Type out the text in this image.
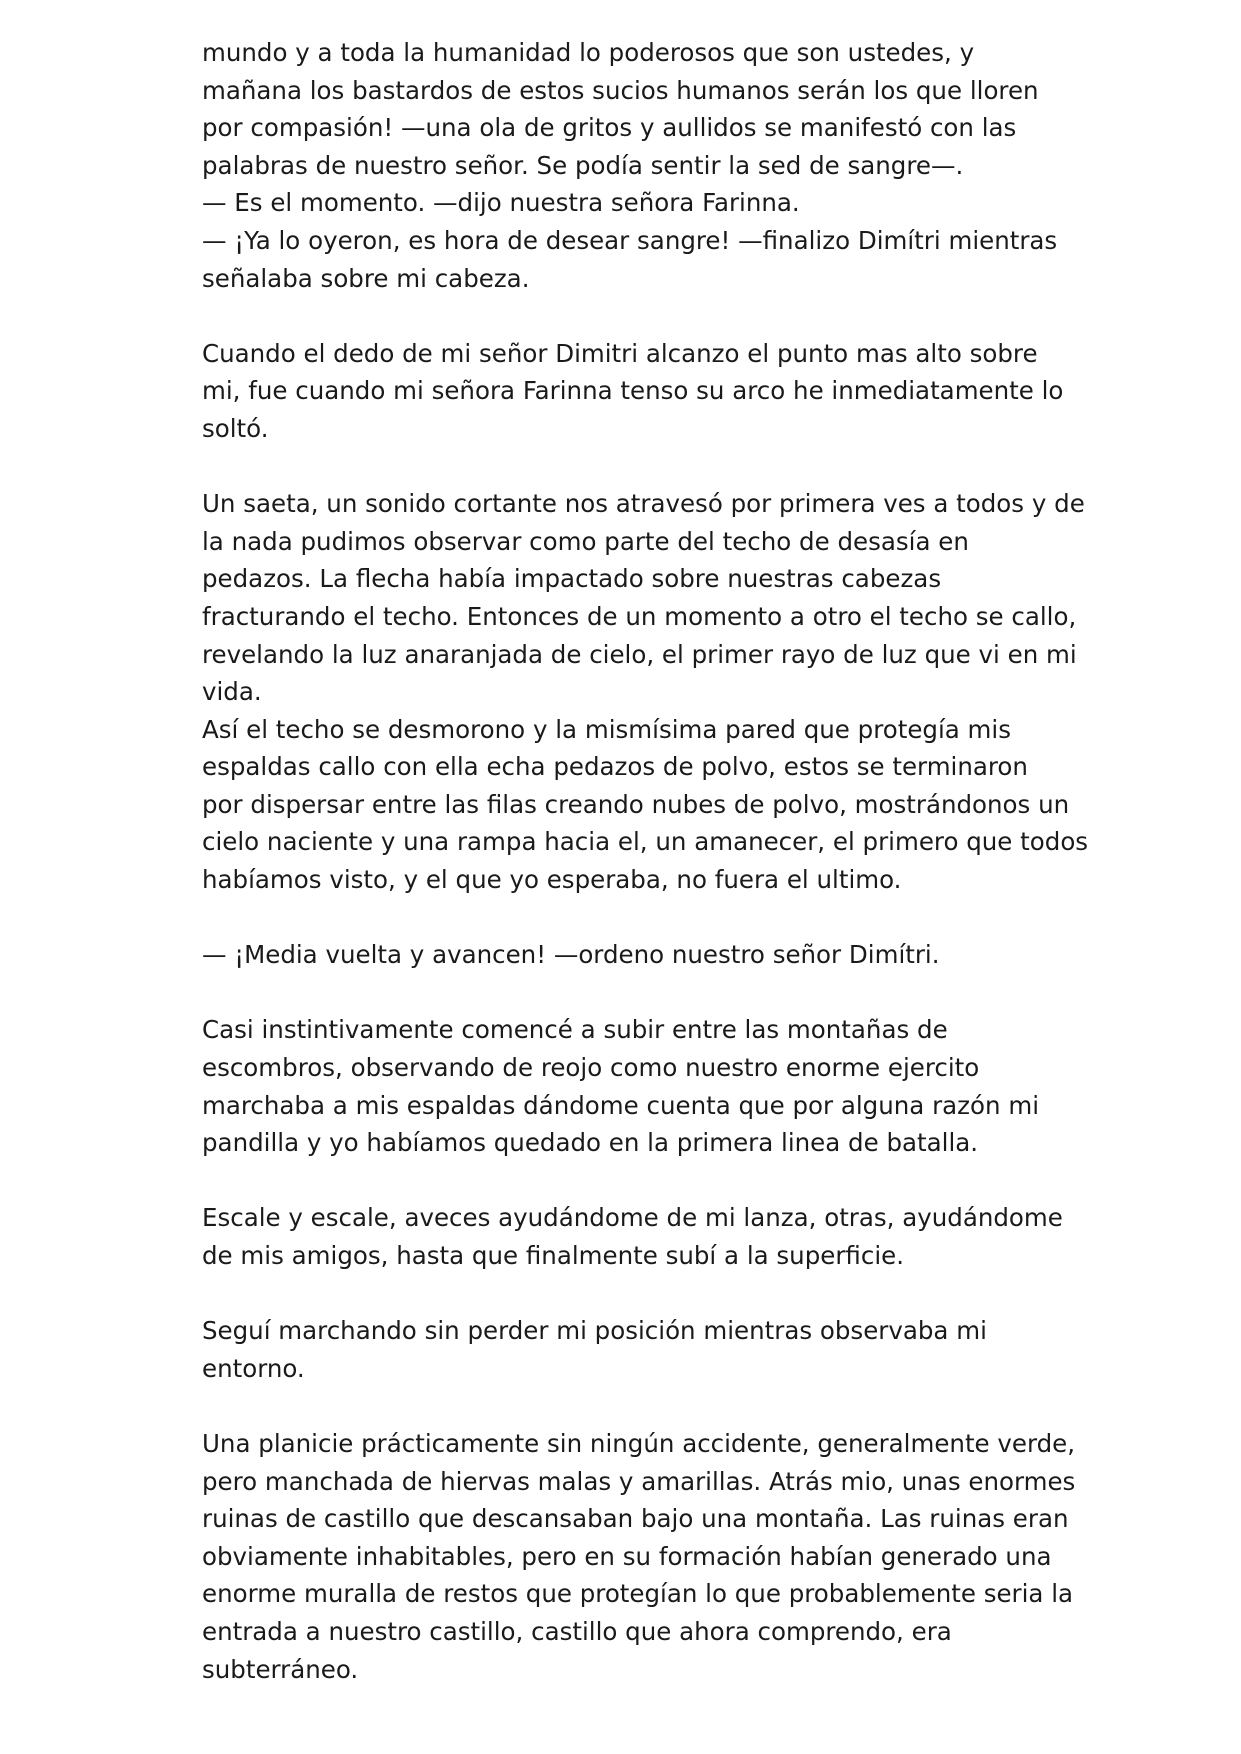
mundo y a toda la humanidad lo poderosos que son ustedes, y
mañana los bastardos de estos sucios humanos serán los que lloren
por compasión! —una ola de gritos y aullidos se manifestó con las
palabras de nuestro señor. Se podía sentir la sed de sangre—.
— Es el momento. —dijo nuestra señora Farinna.
— ¡Ya lo oyeron, es hora de desear sangre! —finalizo Dimítri mientras
señalaba sobre mi cabeza.

Cuando el dedo de mi señor Dimitri alcanzo el punto mas alto sobre
mi, fue cuando mi señora Farinna tenso su arco he inmediatamente lo
soltó.

Un saeta, un sonido cortante nos atravesó por primera ves a todos y de
la nada pudimos observar como parte del techo de desasía en
pedazos. La flecha había impactado sobre nuestras cabezas
fracturando el techo. Entonces de un momento a otro el techo se callo,
revelando la luz anaranjada de cielo, el primer rayo de luz que vi en mi
vida.
Así el techo se desmorono y la mismísima pared que protegía mis
espaldas callo con ella echa pedazos de polvo, estos se terminaron
por dispersar entre las filas creando nubes de polvo, mostrándonos un
cielo naciente y una rampa hacia el, un amanecer, el primero que todos
habíamos visto, y el que yo esperaba, no fuera el ultimo.

— ¡Media vuelta y avancen! —ordeno nuestro señor Dimítri.

Casi instintivamente comencé a subir entre las montañas de
escombros, observando de reojo como nuestro enorme ejercito
marchaba a mis espaldas dándome cuenta que por alguna razón mi
pandilla y yo habíamos quedado en la primera linea de batalla.

Escale y escale, aveces ayudándome de mi lanza, otras, ayudándome
de mis amigos, hasta que finalmente subí a la superficie.

Seguí marchando sin perder mi posición mientras observaba mi
entorno.

Una planicie prácticamente sin ningún accidente, generalmente verde,
pero manchada de hiervas malas y amarillas. Atrás mio, unas enormes
ruinas de castillo que descansaban bajo una montaña. Las ruinas eran
obviamente inhabitables, pero en su formación habían generado una
enorme muralla de restos que protegían lo que probablemente seria la
entrada a nuestro castillo, castillo que ahora comprendo, era
subterráneo.
